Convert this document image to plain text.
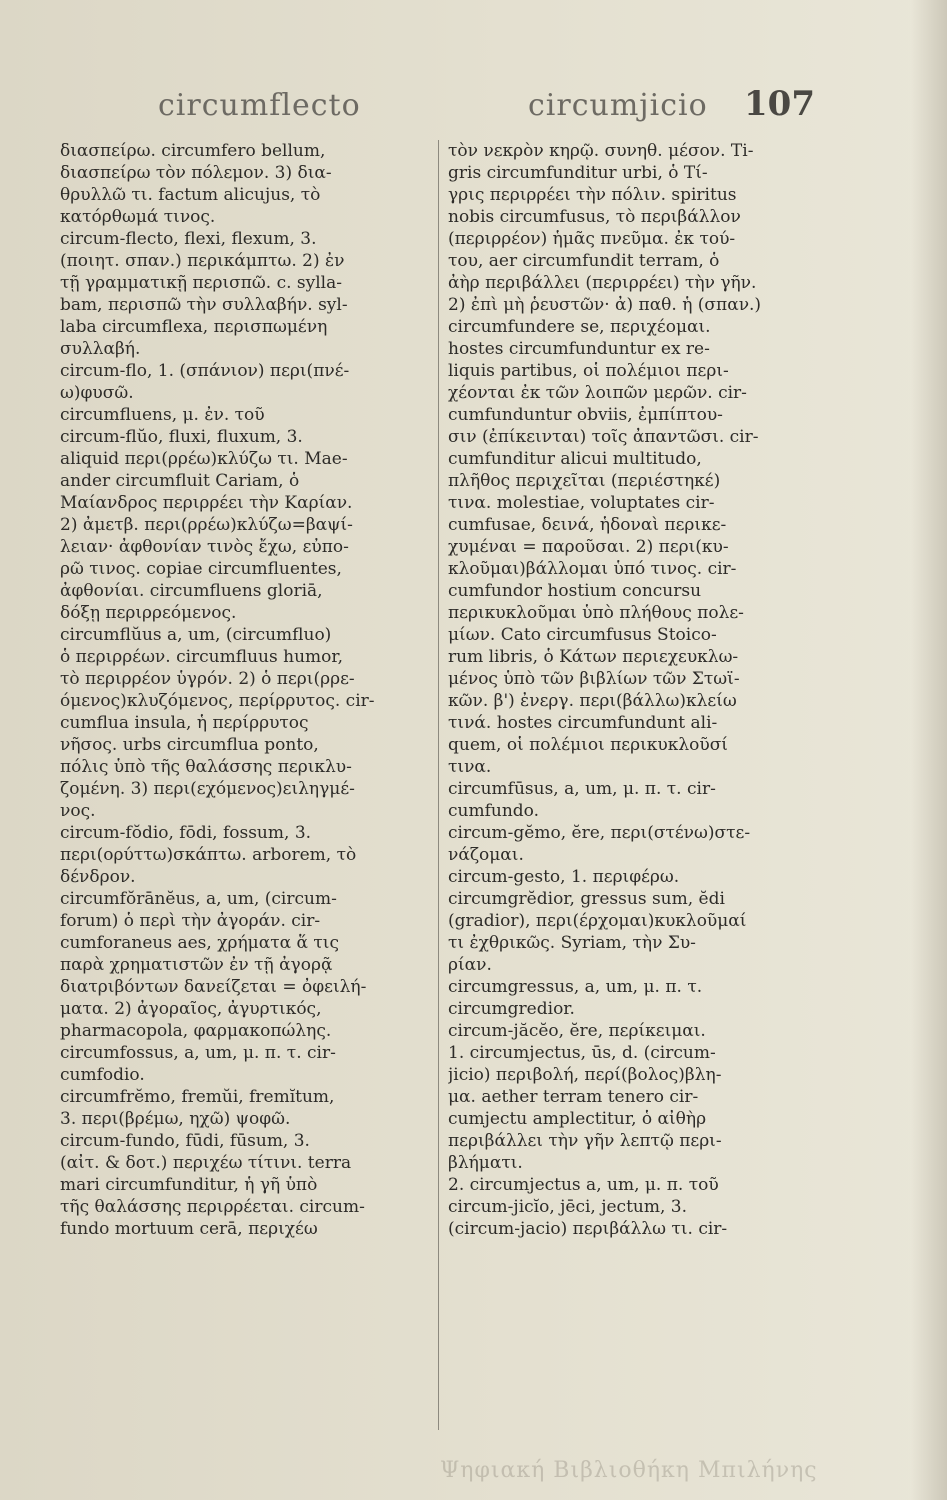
circumflecto	circumjicio 107
διασπείρω. circumfero bellum,
διασπείρω τὸν πόλεμον. 3) δια-
θρυλλῶ τι. factum alicujus, τὸ
κατόρθωμά τινος.
circum-flecto, flexi, flexum, 3.
(ποιητ. σπαν.) περικάμπτω. 2) ἐν
τῇ γραμματικῇ περισπῶ. c. sylla-
bam, περισπῶ τὴν συλλαβήν. syl-
laba circumflexa, περισπωμένη
συλλαβή.
circum-flo, 1. (σπάνιον) περι(πνέ-
ω)φυσῶ.
circumfluens, μ. ἐν. τοῦ
circum-flŭo, fluxi, fluxum, 3.
aliquid περι(ρρέω)κλύζω τι. Mae-
ander circumfluit Cariam, ὁ
Μαίανδρος περιρρέει τὴν Καρίαν.
2) ἀμετβ. περι(ρρέω)κλύζω=βαψί-
λειαν· ἀφθονίαν τινὸς ἔχω, εὐπο-
ρῶ τινος. copiae circumfluentes,
ἀφθονίαι. circumfluens gloriā,
δόξῃ περιρρεόμενος.
circumflŭus a, um, (circumfluo)
ὁ περιρρέων. circumfluus humor,
τὸ περιρρέον ὑγρόν. 2) ὁ περι(ρρε-
όμενος)κλυζόμενος, περίρρυτος. cir-
cumflua insula, ἡ περίρρυτος
νῆσος. urbs circumflua ponto,
πόλις ὑπὸ τῆς θαλάσσης περικλυ-
ζομένη. 3) περι(εχόμενος)ειληγμέ-
νος.
circum-fŏdio, fōdi, fossum, 3.
περι(ορύττω)σκάπτω. arborem, τὸ
δένδρον.
circumfŏrānĕus, a, um, (circum-
forum) ὁ περὶ τὴν ἀγοράν. cir-
cumforaneus aes, χρήματα ἅ τις
παρὰ χρηματιστῶν ἐν τῇ ἀγορᾷ
διατριβόντων δανείζεται = ὀφειλή-
ματα. 2) ἀγοραῖος, ἀγυρτικός,
pharmacopola, φαρμακοπώλης.
circumfossus, a, um, μ. π. τ. cir-
cumfodio.
circumfrĕmo, fremŭi, fremĭtum,
3. περι(βρέμω, ηχῶ) ψοφῶ.
circum-fundo, fūdi, fūsum, 3.
(αἰτ. & δοτ.) περιχέω τίτινι. terra
mari circumfunditur, ἡ γῆ ὑπὸ
τῆς θαλάσσης περιρρέεται. circum-
fundo mortuum cerā, περιχέω
τὸν νεκρὸν κηρῷ. συνηθ. μέσον. Ti-
gris circumfunditur urbi, ὁ Τί-
γρις περιρρέει τὴν πόλιν. spiritus
nobis circumfusus, τὸ περιβάλλον
(περιρρέον) ἡμᾶς πνεῦμα. ἐκ τού-
του, aer circumfundit terram, ὁ
ἀὴρ περιβάλλει (περιρρέει) τὴν γῆν.
2) ἐπὶ μὴ ῥευστῶν· ἀ) παθ. ἡ (σπαν.)
circumfundere se, περιχέομαι.
hostes circumfunduntur ex re-
liquis partibus, οἱ πολέμιοι περι-
χέονται ἐκ τῶν λοιπῶν μερῶν. cir-
cumfunduntur obviis, ἐμπίπτου-
σιν (ἐπίκεινται) τοῖς ἀπαντῶσι. cir-
cumfunditur alicui multitudo,
πλῆθος περιχεῖται (περιέστηκέ)
τινα. molestiae, voluptates cir-
cumfusae, δεινά, ἡδοναὶ περικε-
χυμέναι = παροῦσαι. 2) περι(κυ-
κλοῦμαι)βάλλομαι ὑπό τινος. cir-
cumfundor hostium concursu
περικυκλοῦμαι ὑπὸ πλήθους πολε-
μίων. Cato circumfusus Stoico-
rum libris, ὁ Κάτων περιεχευκλω-
μένος ὑπὸ τῶν βιβλίων τῶν Στωϊ-
κῶν. β') ἐνεργ. περι(βάλλω)κλείω
τινά. hostes circumfundunt ali-
quem, οἱ πολέμιοι περικυκλοῦσί
τινα.
circumfūsus, a, um, μ. π. τ. cir-
cumfundo.
circum-gĕmo, ĕre, περι(στένω)στε-
νάζομαι.
circum-gesto, 1. περιφέρω.
circumgrĕdior, gressus sum, ĕdi
(gradior), περι(έρχομαι)κυκλοῦμαί
τι ἐχθρικῶς. Syriam, τὴν Συ-
ρίαν.
circumgressus, a, um, μ. π. τ.
circumgredior.
circum-jăcĕo, ĕre, περίκειμαι.
1. circumjectus, ūs, d. (circum-
jicio) περιβολή, περί(βολος)βλη-
μα. aether terram tenero cir-
cumjectu amplectitur, ὁ αἰθὴρ
περιβάλλει τὴν γῆν λεπτῷ περι-
βλήματι.
2. circumjectus a, um, μ. π. τοῦ
circum-jicĭo, jēci, jectum, 3.
(circum-jacio) περιβάλλω τι. cir-
Ψηφιακή Βιβλιοθήκη Μπιλήνης
